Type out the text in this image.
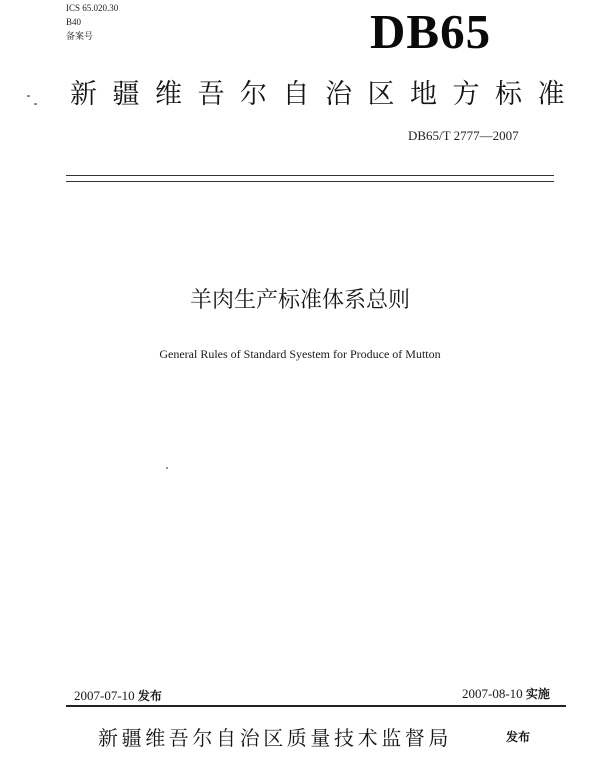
ICS 65.020.30
B40
备案号	DB65
新疆维吾尔自治区地方标准
DB65/T 2777—2007
羊肉生产标准体系总则
General Rules of Standard Syestem for Produce of Mutton
2007-07-10 发布	2007-08-10 实施
新疆维吾尔自治区质量技术监督局	发布
